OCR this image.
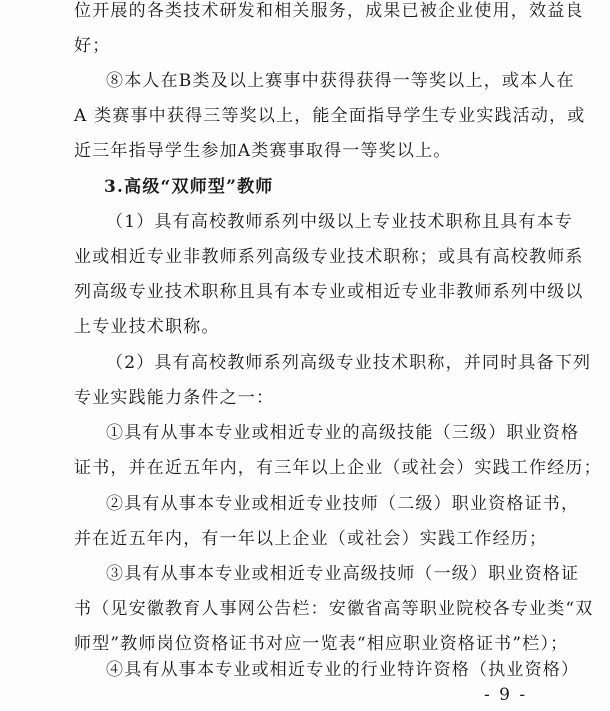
位开展的各类技术研发和相关服务，成果已被企业使用，效益良
好；
⑧本人在B类及以上赛事中获得获得一等奖以上，或本人在
A 类赛事中获得三等奖以上，能全面指导学生专业实践活动，或
近三年指导学生参加A类赛事取得一等奖以上。
3.高级“双师型”教师
（1）具有高校教师系列中级以上专业技术职称且具有本专
业或相近专业非教师系列高级专业技术职称；或具有高校教师系
列高级专业技术职称且具有本专业或相近专业非教师系列中级以
上专业技术职称。
（2）具有高校教师系列高级专业技术职称，并同时具备下列
专业实践能力条件之一：
①具有从事本专业或相近专业的高级技能（三级）职业资格
证书，并在近五年内，有三年以上企业（或社会）实践工作经历；
②具有从事本专业或相近专业技师（二级）职业资格证书，
并在近五年内，有一年以上企业（或社会）实践工作经历；
③具有从事本专业或相近专业高级技师（一级）职业资格证
书（见安徽教育人事网公告栏：安徽省高等职业院校各专业类“双
师型”教师岗位资格证书对应一览表“相应职业资格证书”栏）；
④具有从事本专业或相近专业的行业特许资格（执业资格）
- 9 -
